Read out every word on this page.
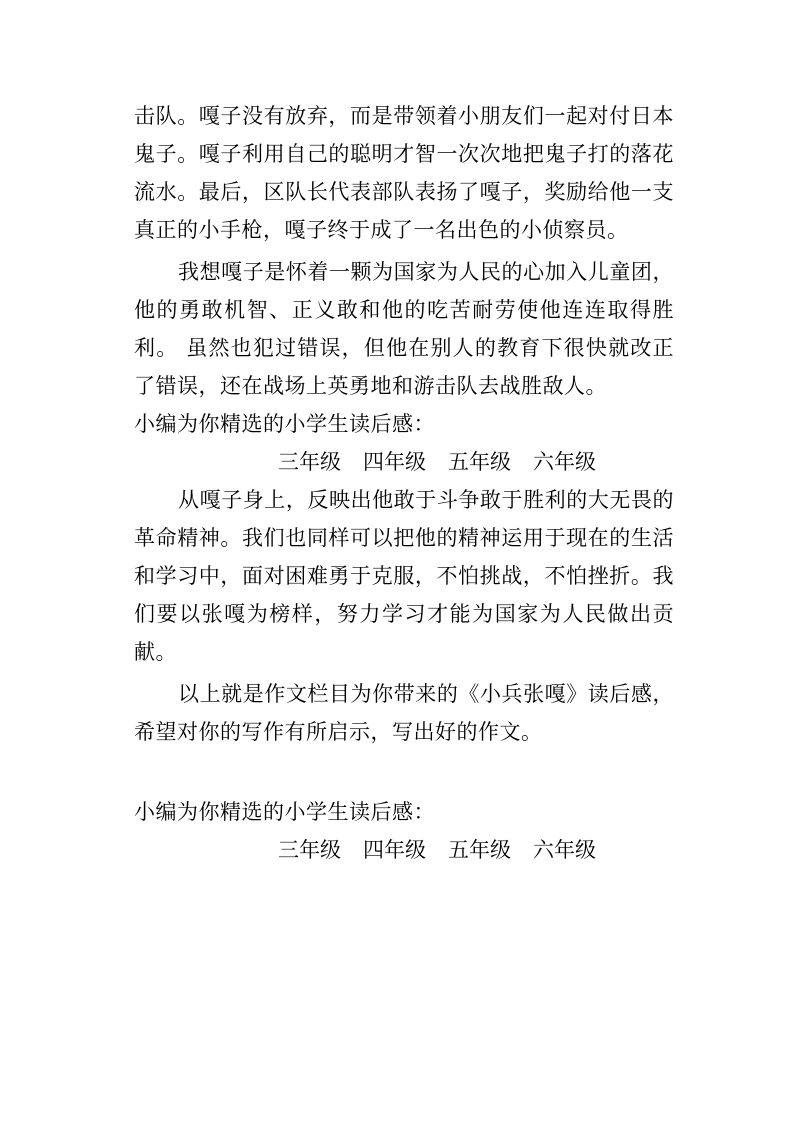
击队。嘎子没有放弃，而是带领着小朋友们一起对付日本鬼子。嘎子利用自己的聪明才智一次次地把鬼子打的落花流水。最后，区队长代表部队表扬了嘎子，奖励给他一支真正的小手枪，嘎子终于成了一名出色的小侦察员。

我想嘎子是怀着一颗为国家为人民的心加入儿童团，他的勇敢机智、正义敢和他的吃苦耐劳使他连连取得胜利。 虽然也犯过错误，但他在别人的教育下很快就改正了错误，还在战场上英勇地和游击队去战胜敌人。

小编为你精选的小学生读后感：

三年级 四年级 五年级 六年级

从嘎子身上，反映出他敢于斗争敢于胜利的大无畏的革命精神。我们也同样可以把他的精神运用于现在的生活和学习中，面对困难勇于克服，不怕挑战，不怕挫折。我们要以张嘎为榜样，努力学习才能为国家为人民做出贡献。

以上就是作文栏目为你带来的《小兵张嘎》读后感，希望对你的写作有所启示，写出好的作文。

小编为你精选的小学生读后感：

三年级 四年级 五年级 六年级
